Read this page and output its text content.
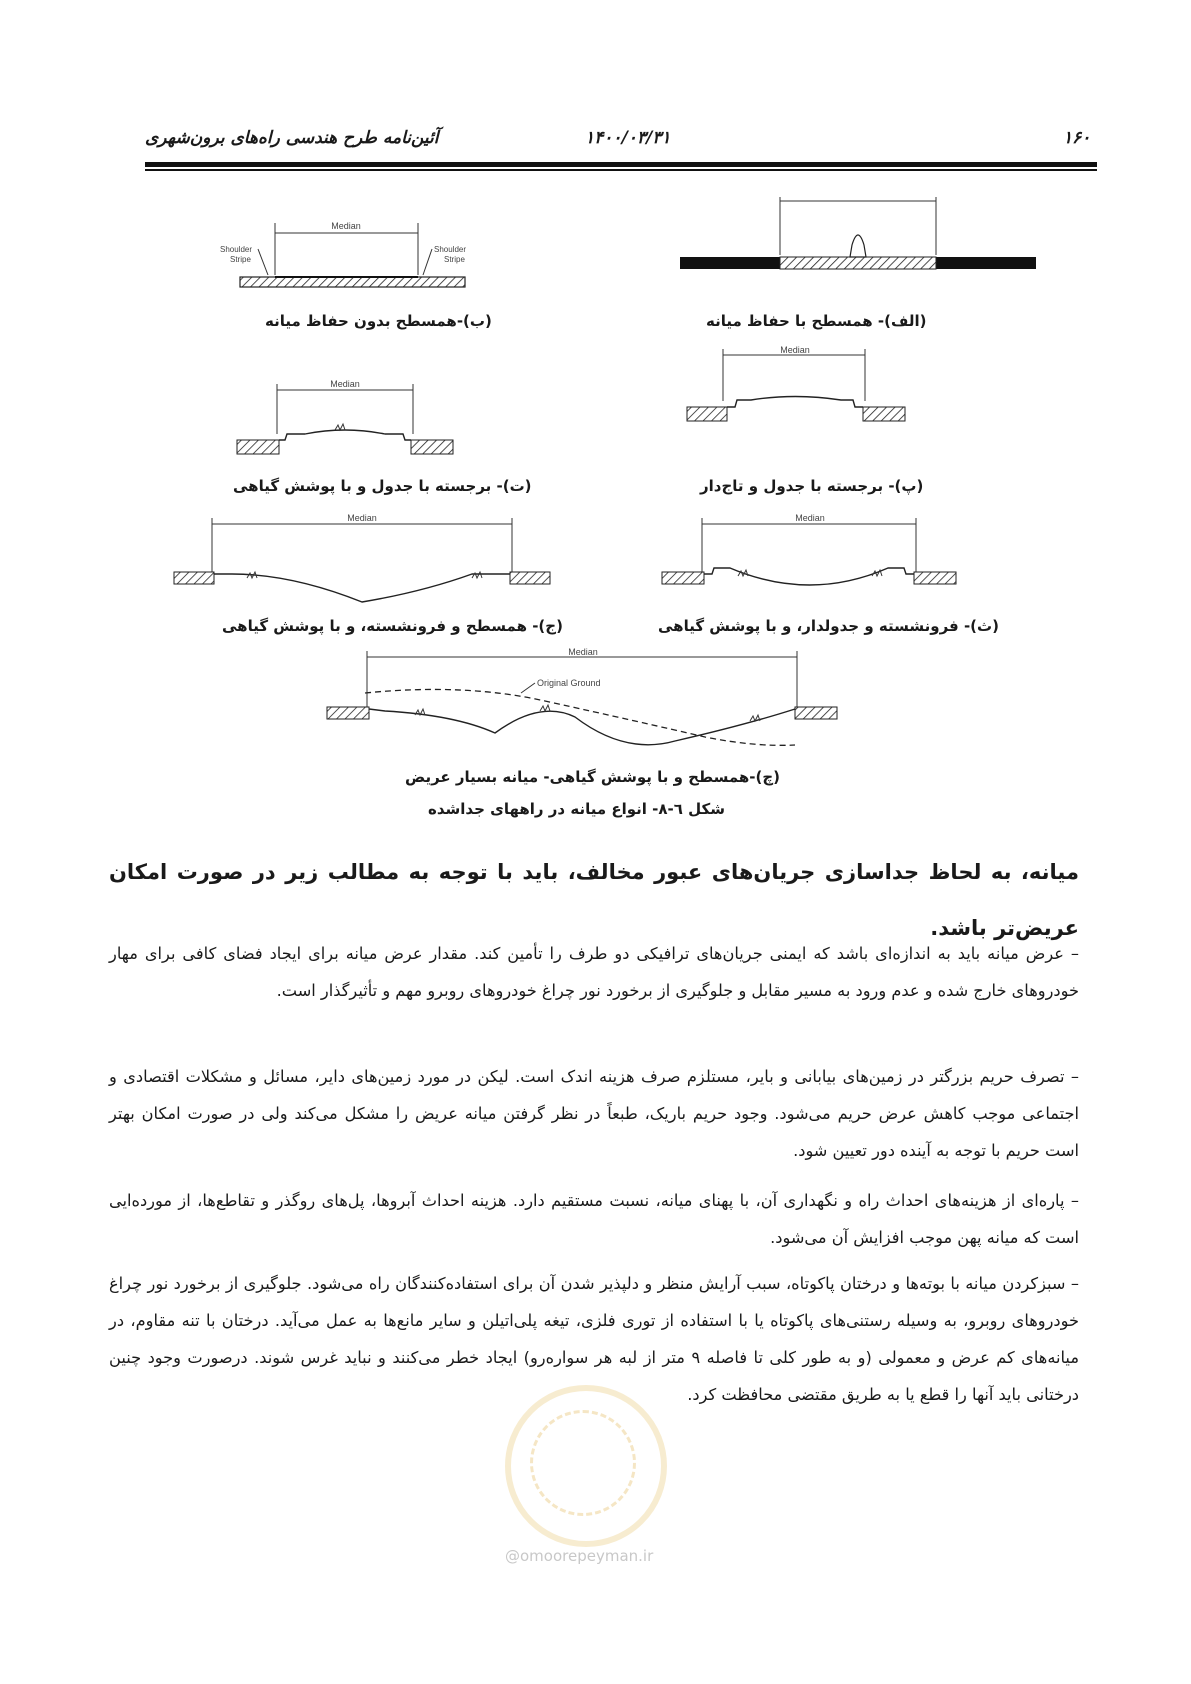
۱۶۰
۱۴۰۰/۰۳/۳۱
آئین‌نامه طرح هندسی راه‌های برون‌شهری
Median
Shoulder
Stripe
Shoulder
Stripe
(ب)-همسطح بدون حفاظ میانه	(الف)- همسطح با حفاظ میانه
Median
Median
(ت)- برجسته با جدول و با پوشش گیاهی	(پ)- برجسته با جدول و تاج‌دار
Median	Median
(ج)- همسطح و فرونشسته، و با پوشش گیاهی	(ث)- فرونشسته و جدولدار، و با پوشش گیاهی
Median
Original Ground
(چ)-همسطح و با پوشش گیاهی- میانه بسیار عریض
شکل ٦-۸- انواع میانه در راههای جداشده
میانه، به لحاظ جداسازی جریان‌های عبور مخالف، باید با توجه به مطالب زیر در صورت امکان عریض‌تر باشد.
– عرض میانه باید به اندازه‌ای باشد که ایمنی جریان‌های ترافیکی دو طرف را تأمین کند. مقدار عرض میانه برای ایجاد فضای کافی برای مهار خودروهای خارج شده و عدم ورود به مسیر مقابل و جلوگیری از برخورد نور چراغ خودروهای روبرو مهم و تأثیرگذار است.
– تصرف حریم بزرگتر در زمین‌های بیابانی و بایر، مستلزم صرف هزینه اندک است. لیکن در مورد زمین‌های دایر، مسائل و مشکلات اقتصادی و اجتماعی موجب کاهش عرض حریم می‌شود. وجود حریم باریک، طبعاً در نظر گرفتن میانه عریض را مشکل می‌کند ولی در صورت امکان بهتر است حریم با توجه به آینده دور تعیین شود.
– پاره‌ای از هزینه‌های احداث راه و نگهداری آن، با پهنای میانه، نسبت مستقیم دارد. هزینه احداث آبروها، پل‌های روگذر و تقاطع‌ها، از مورده‌ایی است که میانه پهن موجب افزایش آن می‌شود.
– سبزکردن میانه با بوته‌ها و درختان پاکوتاه، سبب آرایش منظر و دلپذیر شدن آن برای استفاده‌کنندگان راه می‌شود. جلوگیری از برخورد نور چراغ خودروهای روبرو، به وسیله رستنی‌های پاکوتاه یا با استفاده از توری فلزی، تیغه پلی‌اتیلن و سایر مانع‌ها به عمل می‌آید. درختان با تنه مقاوم، در میانه‌های کم عرض و معمولی (و به طور کلی تا فاصله ۹ متر از لبه هر سواره‌رو) ایجاد خطر می‌کنند و نباید غرس شوند. درصورت وجود چنین درختانی باید آنها را قطع یا به طریق مقتضی محافظت کرد.
@omoorepeyman.ir
